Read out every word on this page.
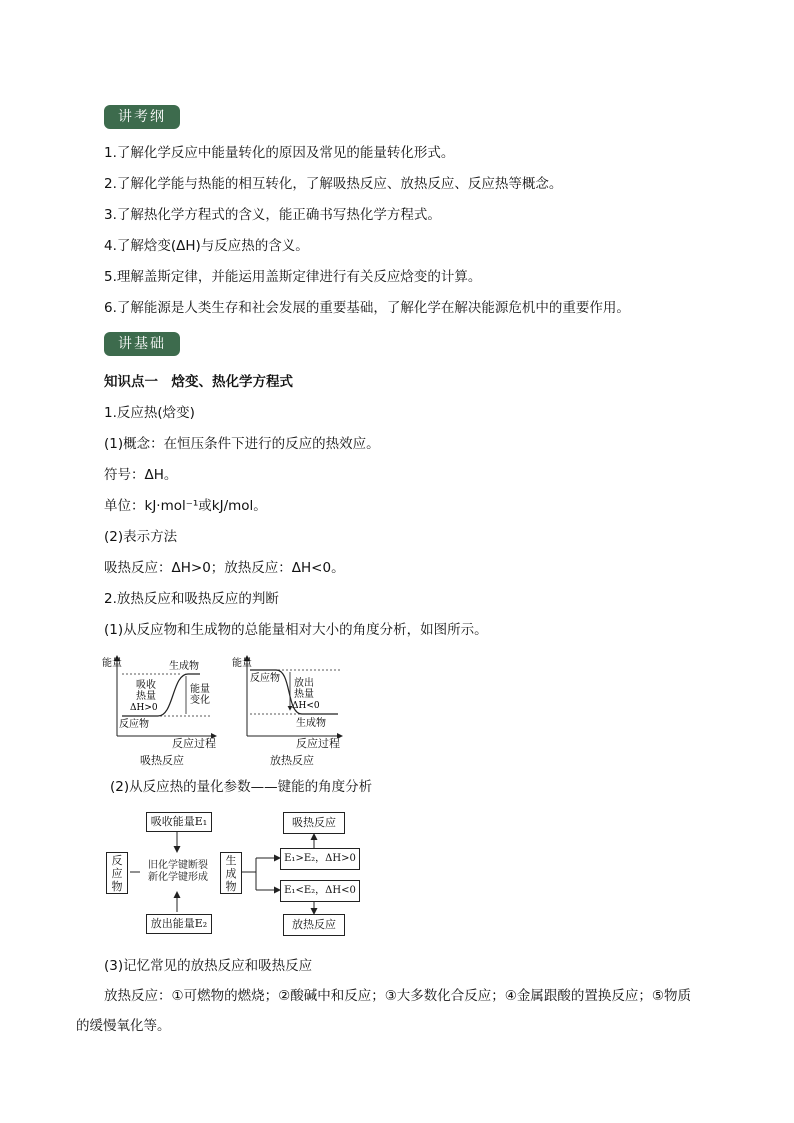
讲考纲
1.了解化学反应中能量转化的原因及常见的能量转化形式。
2.了解化学能与热能的相互转化，了解吸热反应、放热反应、反应热等概念。
3.了解热化学方程式的含义，能正确书写热化学方程式。
4.了解焓变(ΔH)与反应热的含义。
5.理解盖斯定律，并能运用盖斯定律进行有关反应焓变的计算。
6.了解能源是人类生存和社会发展的重要基础，了解化学在解决能源危机中的重要作用。
讲基础
知识点一　焓变、热化学方程式
1.反应热(焓变)
(1)概念：在恒压条件下进行的反应的热效应。
符号：ΔH。
单位：kJ·mol⁻¹或kJ/mol。
(2)表示方法
吸热反应：ΔH>0；放热反应：ΔH<0。
2.放热反应和吸热反应的判断
(1)从反应物和生成物的总能量相对大小的角度分析，如图所示。
能量	生成物
反应物
吸收
热量
ΔH>0
能量
变化
反应过程
吸热反应
能量
反应物 放出
热量
ΔH<0
生成物
反应过程
放热反应
(2)从反应热的量化参数——键能的角度分析
反应物
吸收能量E₁
旧化学键断裂
新化学键形成
放出能量E₂
生成物
吸热反应
E₁>E₂，ΔH>0
E₁<E₂，ΔH<0
放热反应
(3)记忆常见的放热反应和吸热反应
放热反应：①可燃物的燃烧；②酸碱中和反应；③大多数化合反应；④金属跟酸的置换反应；⑤物质
的缓慢氧化等。
